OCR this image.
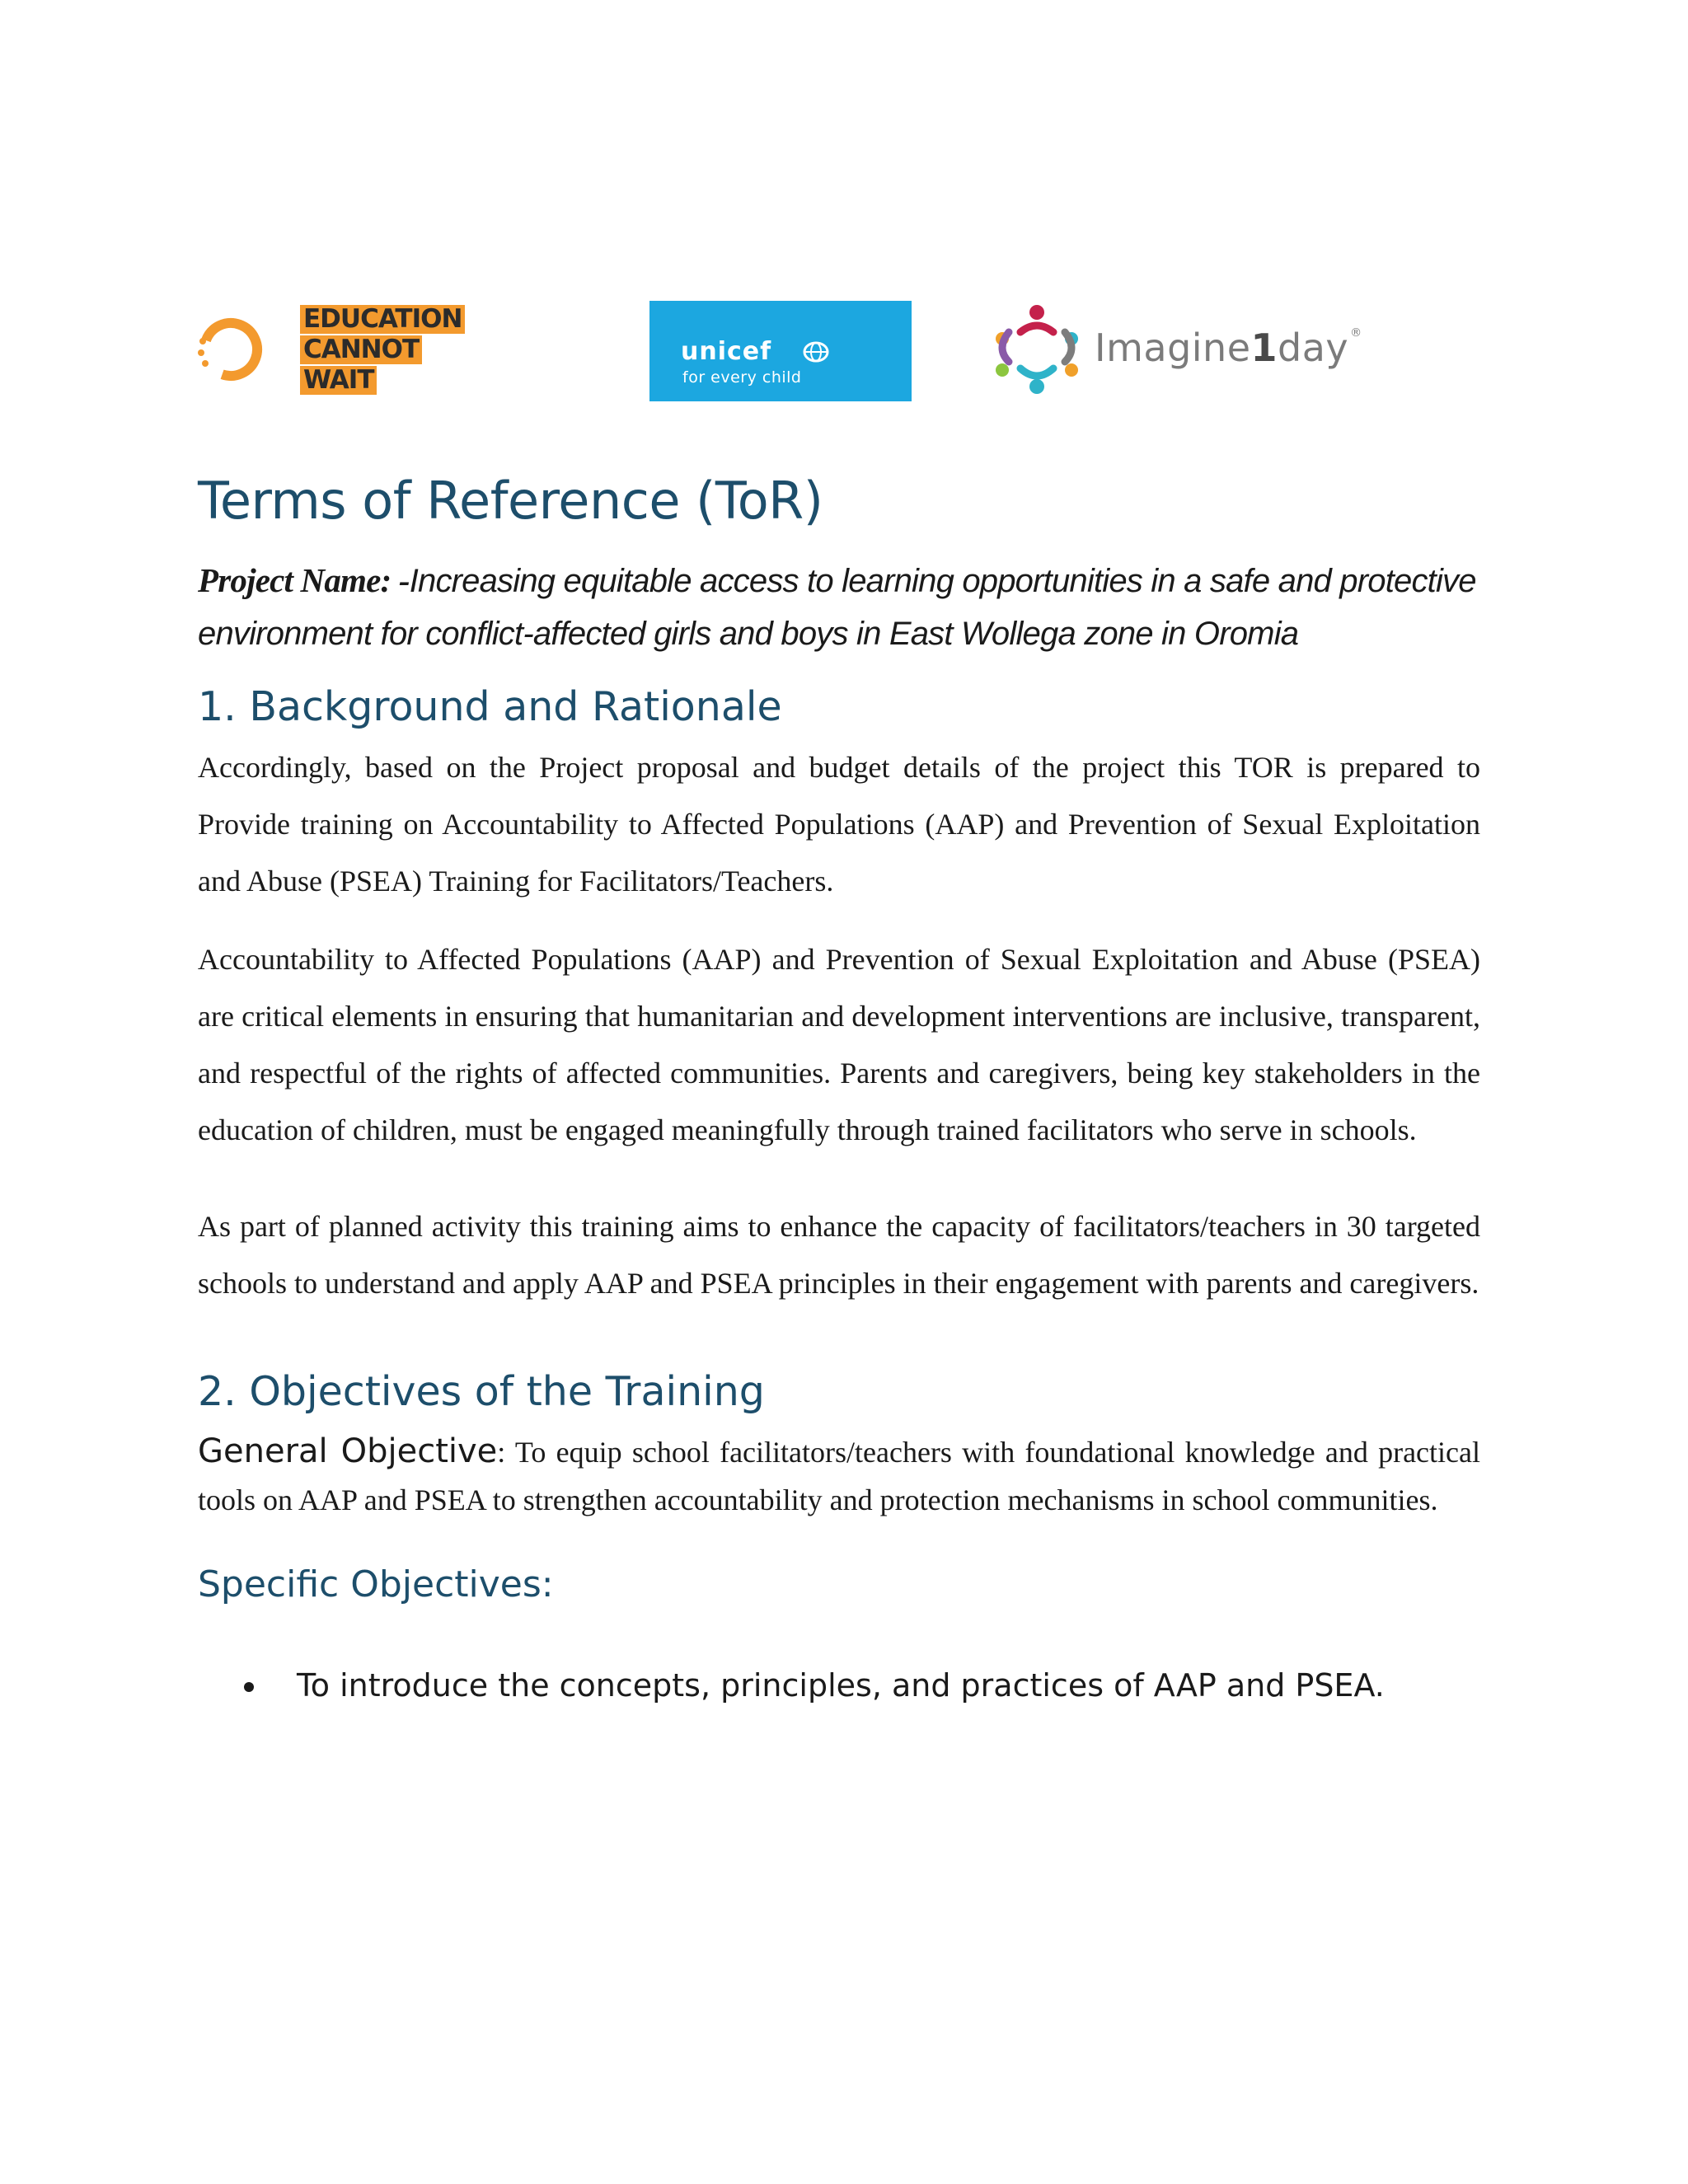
EDUCATION
CANNOT
WAIT
unicef
for every child
Imagine1day ®
Terms of Reference (ToR)
Project Name: -Increasing equitable access to learning opportunities in a safe and protective environment for conflict-affected girls and boys in East Wollega zone in Oromia
1. Background and Rationale

Accordingly, based on the Project proposal and budget details of the project this TOR is prepared to Provide training on Accountability to Affected Populations (AAP) and Prevention of Sexual Exploitation and Abuse (PSEA) Training for Facilitators/Teachers.

Accountability to Affected Populations (AAP) and Prevention of Sexual Exploitation and Abuse (PSEA) are critical elements in ensuring that humanitarian and development interventions are inclusive, transparent, and respectful of the rights of affected communities. Parents and caregivers, being key stakeholders in the education of children, must be engaged meaningfully through trained facilitators who serve in schools.

As part of planned activity this training aims to enhance the capacity of facilitators/teachers in 30 targeted schools to understand and apply AAP and PSEA principles in their engagement with parents and caregivers.

2. Objectives of the Training

General Objective: To equip school facilitators/teachers with foundational knowledge and practical tools on AAP and PSEA to strengthen accountability and protection mechanisms in school communities.

Specific Objectives:
To introduce the concepts, principles, and practices of AAP and PSEA.
